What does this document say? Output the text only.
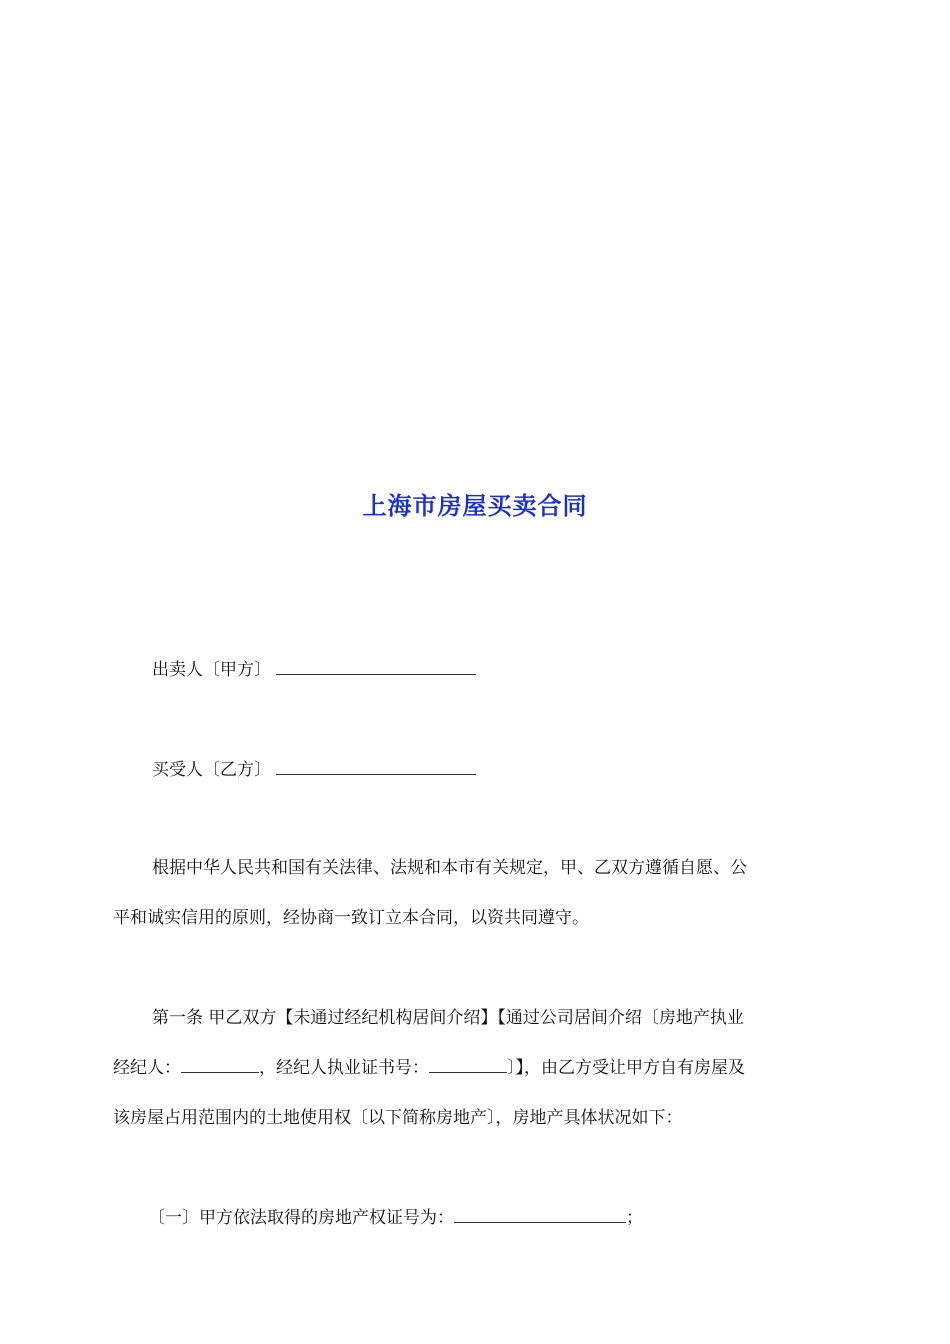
上海市房屋买卖合同
出卖人〔甲方〕
买受人〔乙方〕
根据中华人民共和国有关法律、法规和本市有关规定，甲、乙双方遵循自愿、公
平和诚实信用的原则，经协商一致订立本合同，以资共同遵守。
第一条 甲乙双方【未通过经纪机构居间介绍】【通过公司居间介绍〔房地产执业
经纪人：	，经纪人执业证书号：	〕】，由乙方受让甲方自有房屋及
该房屋占用范围内的土地使用权〔以下简称房地产〕，房地产具体状况如下：
〔一〕甲方依法取得的房地产权证号为：	；
